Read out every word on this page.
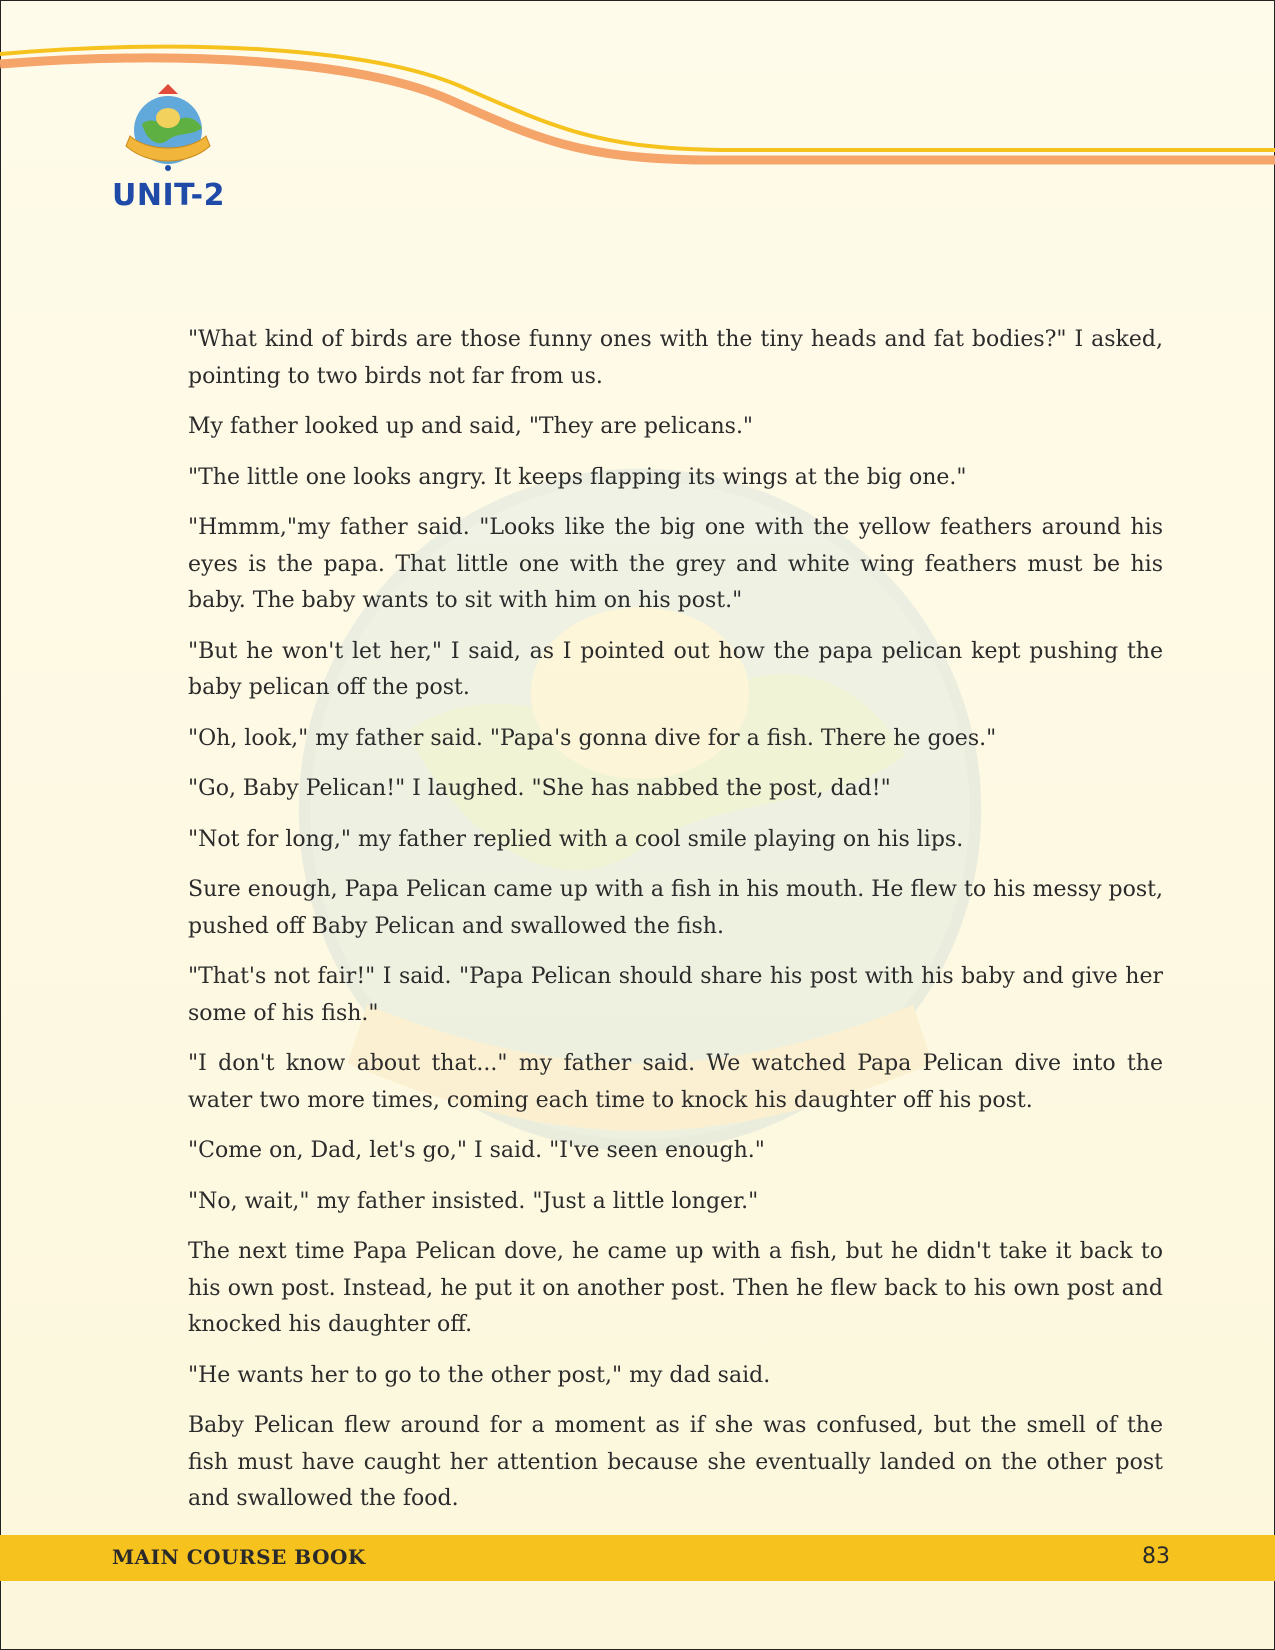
UNIT-2

"What kind of birds are those funny ones with the tiny heads and fat bodies?" I asked, pointing to two birds not far from us.

My father looked up and said, "They are pelicans."

"The little one looks angry. It keeps flapping its wings at the big one."

"Hmmm,"my father said. "Looks like the big one with the yellow feathers around his eyes is the papa. That little one with the grey and white wing feathers must be his baby. The baby wants to sit with him on his post."

"But he won't let her," I said, as I pointed out how the papa pelican kept pushing the baby pelican off the post.

"Oh, look," my father said. "Papa's gonna dive for a fish. There he goes."

"Go, Baby Pelican!" I laughed. "She has nabbed the post, dad!"

"Not for long," my father replied with a cool smile playing on his lips.

Sure enough, Papa Pelican came up with a fish in his mouth. He flew to his messy post, pushed off Baby Pelican and swallowed the fish.

"That's not fair!" I said. "Papa Pelican should share his post with his baby and give her some of his fish."

"I don't know about that..." my father said. We watched Papa Pelican dive into the water two more times, coming each time to knock his daughter off his post.

"Come on, Dad, let's go," I said. "I've seen enough."

"No, wait," my father insisted. "Just a little longer."

The next time Papa Pelican dove, he came up with a fish, but he didn't take it back to his own post. Instead, he put it on another post. Then he flew back to his own post and knocked his daughter off.

"He wants her to go to the other post," my dad said.

Baby Pelican flew around for a moment as if she was confused, but the smell of the fish must have caught her attention because she eventually landed on the other post and swallowed the food.

MAIN COURSE BOOK	83
